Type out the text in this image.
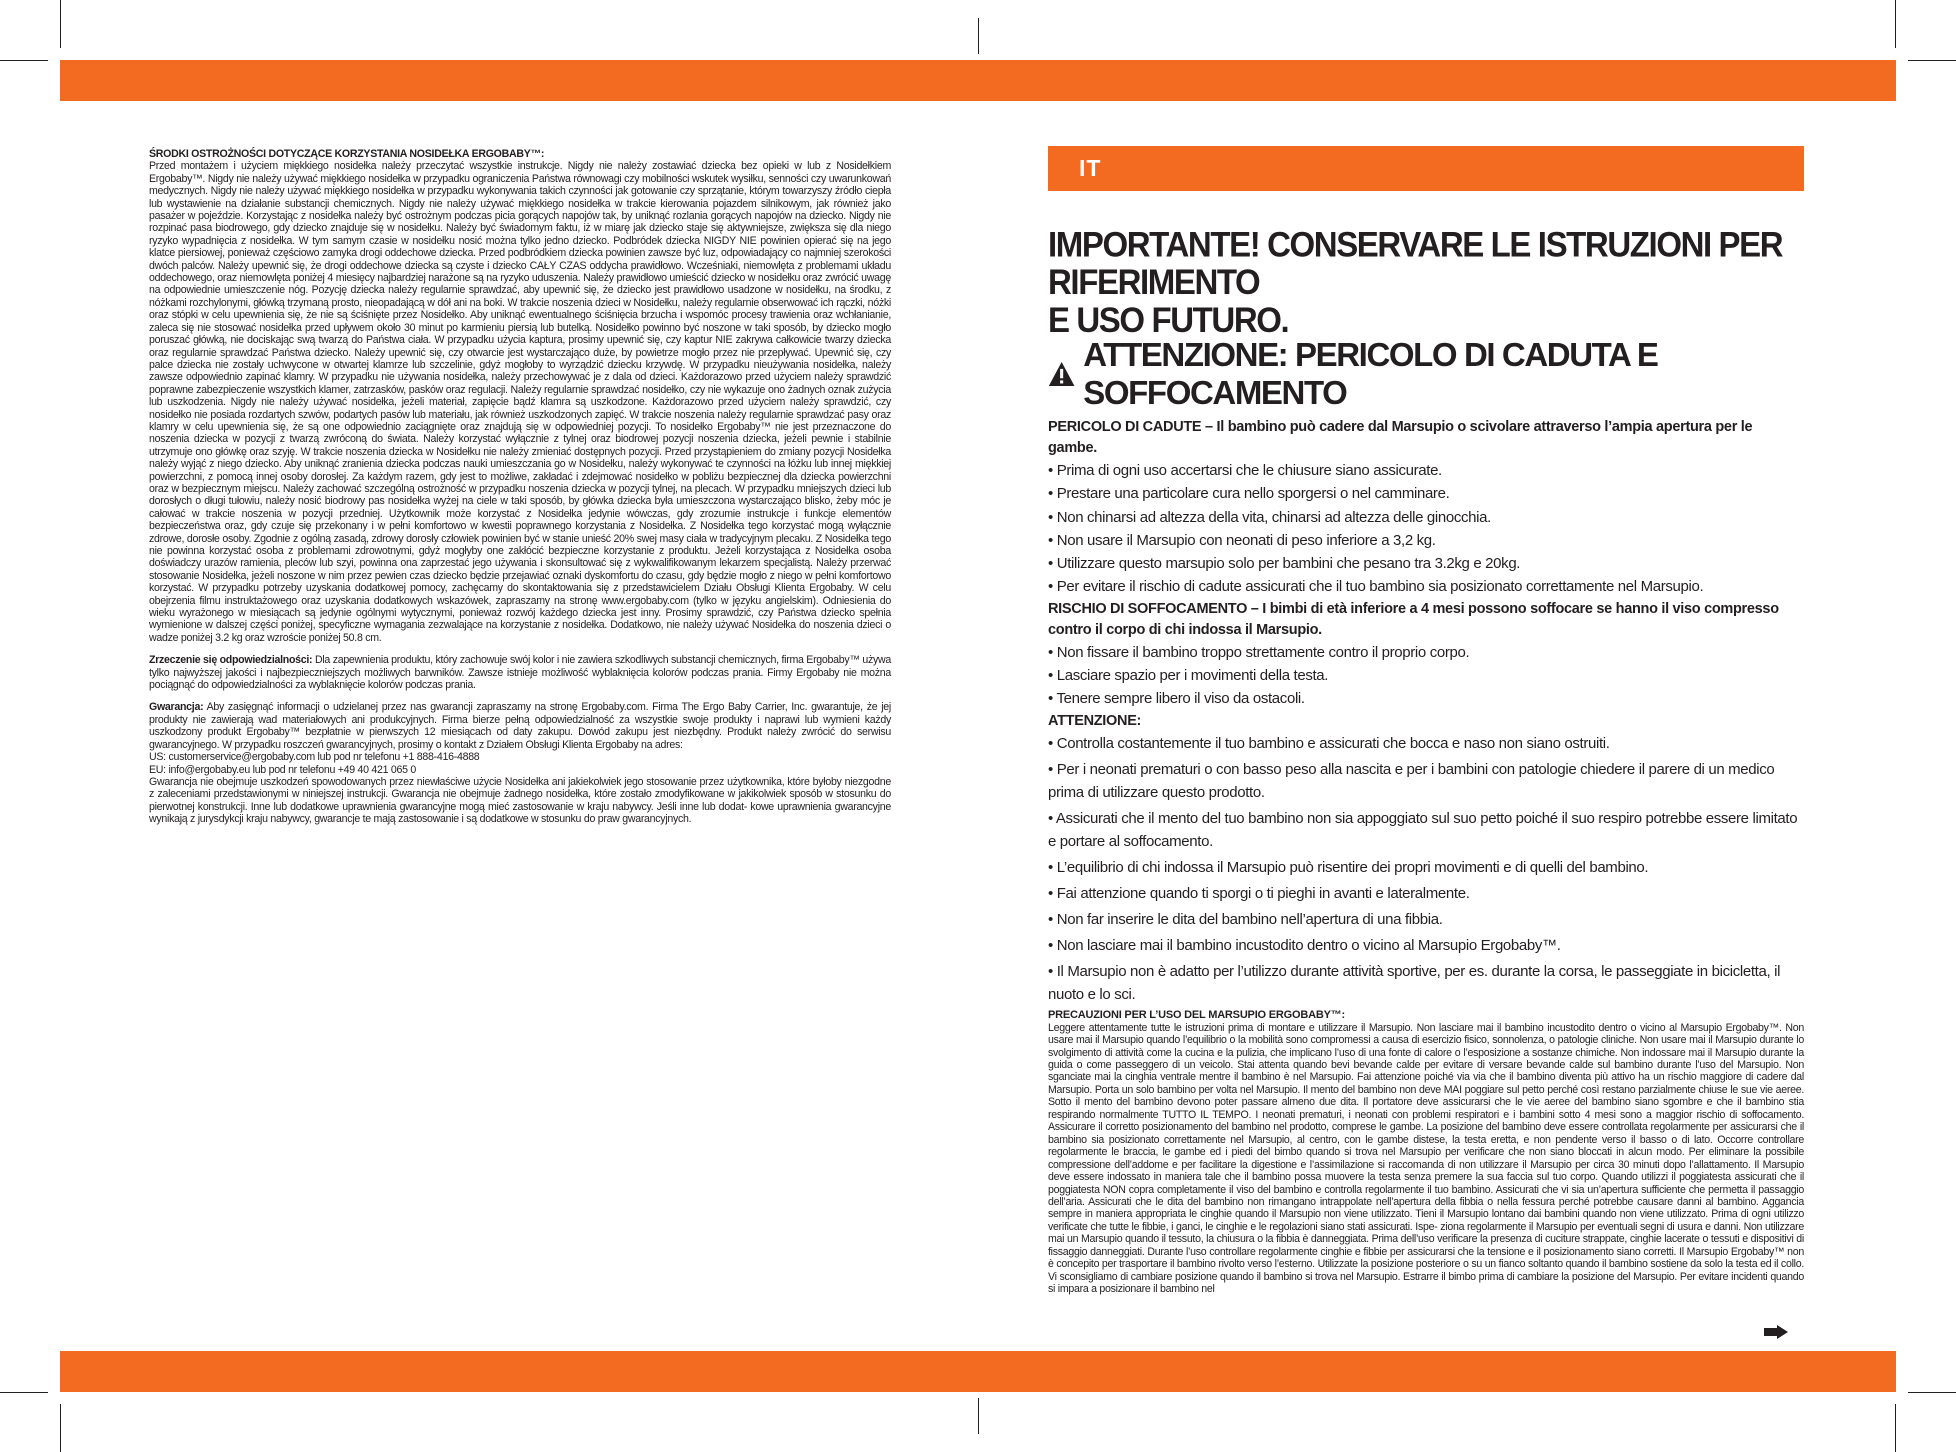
ŚRODKI OSTROŻNOŚCI DOTYCZĄCE KORZYSTANIA NOSIDEŁKA ERGOBABY™:
Przed montażem i użyciem miękkiego nosidełka należy przeczytać wszystkie instrukcje. Nigdy nie należy zostawiać dziecka bez opieki w lub z Nosidełkiem Ergobaby™. Nigdy nie należy używać miękkiego nosidełka w przypadku ograniczenia Państwa równowagi czy mobilności wskutek wysiłku, senności czy uwarunkowań medycznych. Nigdy nie należy używać miękkiego nosidełka w przypadku wykonywania takich czynności jak gotowanie czy sprzątanie, którym towarzyszy źródło ciepła lub wystawienie na działanie substancji chemicznych. Nigdy nie należy używać miękkiego nosidełka w trakcie kierowania pojazdem silnikowym, jak również jako pasażer w pojeździe. Korzystając z nosidełka należy być ostrożnym podczas picia gorących napojów tak, by uniknąć rozlania gorących napojów na dziecko. Nigdy nie rozpinać pasa biodrowego, gdy dziecko znajduje się w nosidełku. Należy być świadomym faktu, iż w miarę jak dziecko staje się aktywniejsze, zwiększa się dla niego ryzyko wypadnięcia z nosidełka. W tym samym czasie w nosidełku nosić można tylko jedno dziecko. Podbródek dziecka NIGDY NIE powinien opierać się na jego klatce piersiowej, ponieważ częściowo zamyka drogi oddechowe dziecka. Przed podbródkiem dziecka powinien zawsze być luz, odpowiadający co najmniej szerokości dwóch palców. Należy upewnić się, że drogi oddechowe dziecka są czyste i dziecko CAŁY CZAS oddycha prawidłowo. Wcześniaki, niemowlęta z problemami układu oddechowego, oraz niemowlęta poniżej 4 miesięcy najbardziej narażone są na ryzyko uduszenia. Należy prawidłowo umieścić dziecko w nosidełku oraz zwrócić uwagę na odpowiednie umieszczenie nóg. Pozycję dziecka należy regularnie sprawdzać, aby upewnić się, że dziecko jest prawidłowo usadzone w nosidełku, na środku, z nóżkami rozchylonymi, główką trzymaną prosto, nieopadającą w dół ani na boki. W trakcie noszenia dzieci w Nosidełku, należy regularnie obserwować ich rączki, nóżki oraz stópki w celu upewnienia się, że nie są ściśnięte przez Nosidełko. Aby uniknąć ewentualnego ściśnięcia brzucha i wspomóc procesy trawienia oraz wchłanianie, zaleca się nie stosować nosidełka przed upływem około 30 minut po karmieniu piersią lub butelką. Nosidełko powinno być noszone w taki sposób, by dziecko mogło poruszać główką, nie dociskając swą twarzą do Państwa ciała. W przypadku użycia kaptura, prosimy upewnić się, czy kaptur NIE zakrywa całkowicie twarzy dziecka oraz regularnie sprawdzać Państwa dziecko. Należy upewnić się, czy otwarcie jest wystarczająco duże, by powietrze mogło przez nie przepływać. Upewnić się, czy palce dziecka nie zostały uchwycone w otwartej klamrze lub szczelinie, gdyż mogłoby to wyrządzić dziecku krzywdę. W przypadku nieużywania nosidełka, należy zawsze odpowiednio zapinać klamry. W przypadku nie używania nosidełka, należy przechowywać je z dala od dzieci. Każdorazowo przed użyciem należy sprawdzić poprawne zabezpieczenie wszystkich klamer, zatrzasków, pasków oraz regulacji. Należy regularnie sprawdzać nosidełko, czy nie wykazuje ono żadnych oznak zużycia lub uszkodzenia. Nigdy nie należy używać nosidełka, jeżeli materiał, zapięcie bądź klamra są uszkodzone. Każdorazowo przed użyciem należy sprawdzić, czy nosidełko nie posiada rozdartych szwów, podartych pasów lub materiału, jak również uszkodzonych zapięć. W trakcie noszenia należy regularnie sprawdzać pasy oraz klamry w celu upewnienia się, że są one odpowiednio zaciągnięte oraz znajdują się w odpowiedniej pozycji. To nosidełko Ergobaby™ nie jest przeznaczone do noszenia dziecka w pozycji z twarzą zwróconą do świata. Należy korzystać wyłącznie z tylnej oraz biodrowej pozycji noszenia dziecka, jeżeli pewnie i stabilnie utrzymuje ono główkę oraz szyję. W trakcie noszenia dziecka w Nosidełku nie należy zmieniać dostępnych pozycji. Przed przystąpieniem do zmiany pozycji Nosidełka należy wyjąć z niego dziecko. Aby uniknąć zranienia dziecka podczas nauki umieszczania go w Nosidełku, należy wykonywać te czynności na łóżku lub innej miękkiej powierzchni, z pomocą innej osoby dorosłej. Za każdym razem, gdy jest to możliwe, zakładać i zdejmować nosidełko w pobliżu bezpiecznej dla dziecka powierzchni oraz w bezpiecznym miejscu. Należy zachować szczególną ostrożność w przypadku noszenia dziecka w pozycji tylnej, na plecach. W przypadku mniejszych dzieci lub dorosłych o długi tułowiu, należy nosić biodrowy pas nosidełka wyżej na ciele w taki sposób, by główka dziecka była umieszczona wystarczająco blisko, żeby móc je całować w trakcie noszenia w pozycji przedniej. Użytkownik może korzystać z Nosidełka jedynie wówczas, gdy zrozumie instrukcje i funkcje elementów bezpieczeństwa oraz, gdy czuje się przekonany i w pełni komfortowo w kwestii poprawnego korzystania z Nosidełka. Z Nosidełka tego korzystać mogą wyłącznie zdrowe, dorosłe osoby. Zgodnie z ogólną zasadą, zdrowy dorosły człowiek powinien być w stanie unieść 20% swej masy ciała w tradycyjnym plecaku. Z Nosidełka tego nie powinna korzystać osoba z problemami zdrowotnymi, gdyż mogłyby one zakłócić bezpieczne korzystanie z produktu. Jeżeli korzystająca z Nosidełka osoba doświadczy urazów ramienia, pleców lub szyi, powinna ona zaprzestać jego używania i skonsultować się z wykwalifikowanym lekarzem specjalistą. Należy przerwać stosowanie Nosidełka, jeżeli noszone w nim przez pewien czas dziecko będzie przejawiać oznaki dyskomfortu do czasu, gdy będzie mogło z niego w pełni komfortowo korzystać. W przypadku potrzeby uzyskania dodatkowej pomocy, zachęcamy do skontaktowania się z przedstawicielem Działu Obsługi Klienta Ergobaby. W celu obejrzenia filmu instruktażowego oraz uzyskania dodatkowych wskazówek, zapraszamy na stronę www.ergobaby.com (tylko w języku angielskim). Odniesienia do wieku wyrażonego w miesiącach są jedynie ogólnymi wytycznymi, ponieważ rozwój każdego dziecka jest inny. Prosimy sprawdzić, czy Państwa dziecko spełnia wymienione w dalszej części poniżej, specyficzne wymagania zezwalające na korzystanie z nosidełka. Dodatkowo, nie należy używać Nosidełka do noszenia dzieci o wadze poniżej 3.2 kg oraz wzroście poniżej 50.8 cm.

Zrzeczenie się odpowiedzialności: Dla zapewnienia produktu, który zachowuje swój kolor i nie zawiera szkodliwych substancji chemicznych, firma Ergobaby™ używa tylko najwyższej jakości i najbezpieczniejszych możliwych barwników. Zawsze istnieje możliwość wyblaknięcia kolorów podczas prania. Firmy Ergobaby nie można pociągnąć do odpowiedzialności za wyblaknięcie kolorów podczas prania.

Gwarancja: Aby zasięgnąć informacji o udzielanej przez nas gwarancji zapraszamy na stronę Ergobaby.com. Firma The Ergo Baby Carrier, Inc. gwarantuje, że jej produkty nie zawierają wad materiałowych ani produkcyjnych. Firma bierze pełną odpowiedzialność za wszystkie swoje produkty i naprawi lub wymieni każdy uszkodzony produkt Ergobaby™ bezpłatnie w pierwszych 12 miesiącach od daty zakupu. Dowód zakupu jest niezbędny. Produkt należy zwrócić do serwisu gwarancyjnego. W przypadku roszczeń gwarancyjnych, prosimy o kontakt z Działem Obsługi Klienta Ergobaby na adres:

US: customerservice@ergobaby.com lub pod nr telefonu +1 888-416-4888
EU: info@ergobaby.eu lub pod nr telefonu +49 40 421 065 0

Gwarancja nie obejmuje uszkodzeń spowodowanych przez niewłaściwe użycie Nosidełka ani jakiekolwiek jego stosowanie przez użytkownika, które byłoby niezgodne z zaleceniami przedstawionymi w niniejszej instrukcji. Gwarancja nie obejmuje żadnego nosidełka, które zostało zmodyfikowane w jakikolwiek sposób w stosunku do pierwotnej konstrukcji. Inne lub dodatkowe uprawnienia gwarancyjne mogą mieć zastosowanie w kraju nabywcy. Jeśli inne lub dodat- kowe uprawnienia gwarancyjne wynikają z jurysdykcji kraju nabywcy, gwarancje te mają zastosowanie i są dodatkowe w stosunku do praw gwarancyjnych.

IT
IMPORTANTE! CONSERVARE LE ISTRUZIONI PER RIFERIMENTO
E USO FUTURO.
ATTENZIONE: PERICOLO DI CADUTA E SOFFOCAMENTO
PERICOLO DI CADUTE – Il bambino può cadere dal Marsupio o scivolare attraverso l’ampia apertura per le gambe.
• Prima di ogni uso accertarsi che le chiusure siano assicurate.
• Prestare una particolare cura nello sporgersi o nel camminare.
• Non chinarsi ad altezza della vita, chinarsi ad altezza delle ginocchia.
• Non usare il Marsupio con neonati di peso inferiore a 3,2 kg.
• Utilizzare questo marsupio solo per bambini che pesano tra 3.2kg e 20kg.
• Per evitare il rischio di cadute assicurati che il tuo bambino sia posizionato correttamente nel Marsupio.
RISCHIO DI SOFFOCAMENTO – I bimbi di età inferiore a 4 mesi possono soffocare se hanno il viso compresso contro il corpo di chi indossa il Marsupio.
• Non fissare il bambino troppo strettamente contro il proprio corpo.
• Lasciare spazio per i movimenti della testa.
• Tenere sempre libero il viso da ostacoli.
ATTENZIONE:
• Controlla costantemente il tuo bambino e assicurati che bocca e naso non siano ostruiti.
• Per i neonati prematuri o con basso peso alla nascita e per i bambini con patologie chiedere il parere di un medico prima di utilizzare questo prodotto.
• Assicurati che il mento del tuo bambino non sia appoggiato sul suo petto poiché il suo respiro potrebbe essere limitato e portare al soffocamento.
• L’equilibrio di chi indossa il Marsupio può risentire dei propri movimenti e di quelli del bambino.
• Fai attenzione quando ti sporgi o ti pieghi in avanti e lateralmente.
• Non far inserire le dita del bambino nell’apertura di una fibbia.
• Non lasciare mai il bambino incustodito dentro o vicino al Marsupio Ergobaby™.
• Il Marsupio non è adatto per l’utilizzo durante attività sportive, per es. durante la corsa, le passeggiate in bicicletta, il nuoto e lo sci.
PRECAUZIONI PER L’USO DEL MARSUPIO ERGOBABY™:

Leggere attentamente tutte le istruzioni prima di montare e utilizzare il Marsupio. Non lasciare mai il bambino incustodito dentro o vicino al Marsupio Ergobaby™. Non usare mai il Marsupio quando l’equilibrio o la mobilità sono compromessi a causa di esercizio fisico, sonnolenza, o patologie cliniche. Non usare mai il Marsupio durante lo svolgimento di attività come la cucina e la pulizia, che implicano l’uso di una fonte di calore o l’esposizione a sostanze chimiche. Non indossare mai il Marsupio durante la guida o come passeggero di un veicolo. Stai attenta quando bevi bevande calde per evitare di versare bevande calde sul bambino durante l’uso del Marsupio. Non sganciate mai la cinghia ventrale mentre il bambino è nel Marsupio. Fai attenzione poiché via via che il bambino diventa più attivo ha un rischio maggiore di cadere dal Marsupio. Porta un solo bambino per volta nel Marsupio. Il mento del bambino non deve MAI poggiare sul petto perché così restano parzialmente chiuse le sue vie aeree. Sotto il mento del bambino devono poter passare almeno due dita. Il portatore deve assicurarsi che le vie aeree del bambino siano sgombre e che il bambino stia respirando normalmente TUTTO IL TEMPO. I neonati prematuri, i neonati con problemi respiratori e i bambini sotto 4 mesi sono a maggior rischio di soffocamento. Assicurare il corretto posizionamento del bambino nel prodotto, comprese le gambe. La posizione del bambino deve essere controllata regolarmente per assicurarsi che il bambino sia posizionato correttamente nel Marsupio, al centro, con le gambe distese, la testa eretta, e non pendente verso il basso o di lato. Occorre controllare regolarmente le braccia, le gambe ed i piedi del bimbo quando si trova nel Marsupio per verificare che non siano bloccati in alcun modo. Per eliminare la possibile compressione dell’addome e per facilitare la digestione e l’assimilazione si raccomanda di non utilizzare il Marsupio per circa 30 minuti dopo l’allattamento. Il Marsupio deve essere indossato in maniera tale che il bambino possa muovere la testa senza premere la sua faccia sul tuo corpo. Quando utilizzi il poggiatesta assicurati che il poggiatesta NON copra completamente il viso del bambino e controlla regolarmente il tuo bambino. Assicurati che vi sia un’apertura sufficiente che permetta il passaggio dell’aria. Assicurati che le dita del bambino non rimangano intrappolate nell’apertura della fibbia o nella fessura perché potrebbe causare danni al bambino. Aggancia sempre in maniera appropriata le cinghie quando il Marsupio non viene utilizzato. Tieni il Marsupio lontano dai bambini quando non viene utilizzato. Prima di ogni utilizzo verificate che tutte le fibbie, i ganci, le cinghie e le regolazioni siano stati assicurati. Ispe- ziona regolarmente il Marsupio per eventuali segni di usura e danni. Non utilizzare mai un Marsupio quando il tessuto, la chiusura o la fibbia è danneggiata. Prima dell’uso verificare la presenza di cuciture strappate, cinghie lacerate o tessuti e dispositivi di fissaggio danneggiati. Durante l’uso controllare regolarmente cinghie e fibbie per assicurarsi che la tensione e il posizionamento siano corretti. Il Marsupio Ergobaby™ non è concepito per trasportare il bambino rivolto verso l’esterno. Utilizzate la posizione posteriore o su un fianco soltanto quando il bambino sostiene da solo la testa ed il collo. Vi sconsigliamo di cambiare posizione quando il bambino si trova nel Marsupio. Estrarre il bimbo prima di cambiare la posizione del Marsupio. Per evitare incidenti quando si impara a posizionare il bambino nel
